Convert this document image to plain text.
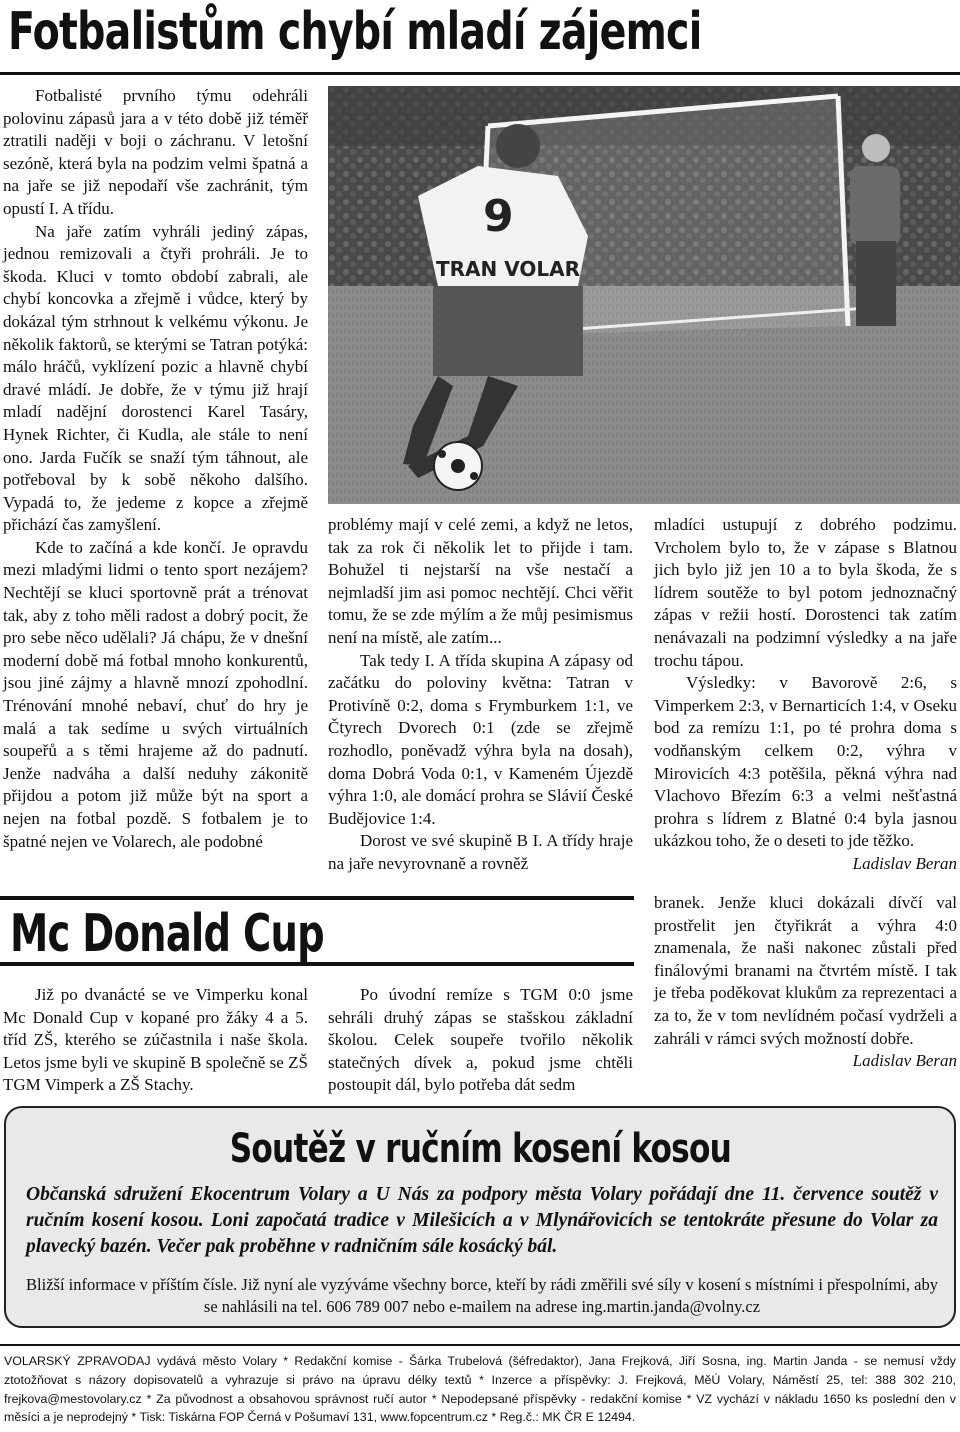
Fotbalistům chybí mladí zájemci

Fotbalisté prvního týmu odehráli polovinu zápasů jara a v této době již téměř ztratili naději v boji o záchranu. V letošní sezóně, která byla na podzim velmi špatná a na jaře se již nepodaří vše zachránit, tým opustí I. A třídu.

Na jaře zatím vyhráli jediný zápas, jednou remizovali a čtyři prohráli. Je to škoda. Kluci v tomto období zabrali, ale chybí koncovka a zřejmě i vůdce, který by dokázal tým strhnout k velkému výkonu. Je několik faktorů, se kterými se Tatran potýká: málo hráčů, vyklízení pozic a hlavně chybí dravé mládí. Je dobře, že v týmu již hrají mladí nadějní dorostenci Karel Tasáry, Hynek Richter, či Kudla, ale stále to není ono. Jarda Fučík se snaží tým táhnout, ale potřeboval by k sobě někoho dalšího. Vypadá to, že jedeme z kopce a zřejmě přichází čas zamyšlení.

Kde to začíná a kde končí. Je opravdu mezi mladými lidmi o tento sport nezájem? Nechtějí se kluci sportovně prát a trénovat tak, aby z toho měli radost a dobrý pocit, že pro sebe něco udělali? Já chápu, že v dnešní moderní době má fotbal mnoho konkurentů, jsou jiné zájmy a hlavně mnozí zpohodlní. Trénování mnohé nebaví, chuť do hry je malá a tak sedíme u svých virtuálních soupeřů a s těmi hrajeme až do padnutí. Jenže nadváha a další neduhy zákonitě přijdou a potom již může být na sport a nejen na fotbal pozdě. S fotbalem je to špatné nejen ve Volarech, ale podobné

9
TRAN VOLAR

problémy mají v celé zemi, a když ne letos, tak za rok či několik let to přijde i tam. Bohužel ti nejstarší na vše nestačí a nejmladší jim asi pomoc nechtějí. Chci věřit tomu, že se zde mýlím a že můj pesimismus není na místě, ale zatím...

Tak tedy I. A třída skupina A zápasy od začátku do poloviny května: Tatran v Protivíně 0:2, doma s Frymburkem 1:1, ve Čtyrech Dvorech 0:1 (zde se zřejmě rozhodlo, poněvadž výhra byla na dosah), doma Dobrá Voda 0:1, v Kameném Újezdě výhra 1:0, ale domácí prohra se Slávií České Budějovice 1:4.

Dorost ve své skupině B I. A třídy hraje na jaře nevyrovnaně a rovněž

mladíci ustupují z dobrého podzimu. Vrcholem bylo to, že v zápase s Blatnou jich bylo již jen 10 a to byla škoda, že s lídrem soutěže to byl potom jednoznačný zápas v režii hostí. Dorostenci tak zatím nenávazali na podzimní výsledky a na jaře trochu tápou.

Výsledky: v Bavorově 2:6, s Vimperkem 2:3, v Bernarticích 1:4, v Oseku bod za remízu 1:1, po té prohra doma s vodňanským celkem 0:2, výhra v Mirovicích 4:3 potěšila, pěkná výhra nad Vlachovo Březím 6:3 a velmi nešťastná prohra s lídrem z Blatné 0:4 byla jasnou ukázkou toho, že o deseti to jde těžko.

Ladislav Beran

Mc Donald Cup

Již po dvanácté se ve Vimperku konal Mc Donald Cup v kopané pro žáky 4 a 5. tříd ZŠ, kterého se zúčastnila i naše škola. Letos jsme byli ve skupině B společně se ZŠ TGM Vimperk a ZŠ Stachy.

Po úvodní remíze s TGM 0:0 jsme sehráli druhý zápas se stašskou základní školou. Celek soupeře tvořilo několik statečných dívek a, pokud jsme chtěli postoupit dál, bylo potřeba dát sedm

branek. Jenže kluci dokázali dívčí val prostřelit jen čtyřikrát a výhra 4:0 znamenala, že naši nakonec zůstali před finálovými branami na čtvrtém místě. I tak je třeba poděkovat klukům za reprezentaci a za to, že v tom nevlídném počasí vydrželi a zahráli v rámci svých možností dobře.

Ladislav Beran

Soutěž v ručním kosení kosou
Občanská sdružení Ekocentrum Volary a U Nás za podpory města Volary pořádají dne 11. července soutěž v ručním kosení kosou. Loni započatá tradice v Milešicích a v Mlynářovicích se tentokráte přesune do Volar za plavecký bazén. Večer pak proběhne v radničním sále kosácký bál.
Bližší informace v příštím čísle. Již nyní ale vyzýváme všechny borce, kteří by rádi změřili své síly v kosení s místními i přespolními, aby se nahlásili na tel. 606 789 007 nebo e-mailem na adrese ing.martin.janda@volny.cz
VOLARSKÝ ZPRAVODAJ vydává město Volary * Redakční komise - Šárka Trubelová (šéfredaktor), Jana Frejková, Jiří Sosna, ing. Martin Janda - se nemusí vždy ztotožňovat s názory dopisovatelů a vyhrazuje si právo na úpravu délky textů * Inzerce a příspěvky: J. Frejková, MěÚ Volary, Náměstí 25, tel: 388 302 210, frejkova@mestovolary.cz * Za původnost a obsahovou správnost ručí autor * Nepodepsané příspěvky - redakční komise * VZ vychází v nákladu 1650 ks poslední den v měsíci a je neprodejný * Tisk: Tiskárna FOP Černá v Pošumaví 131, www.fopcentrum.cz * Reg.č.: MK ČR E 12494.
